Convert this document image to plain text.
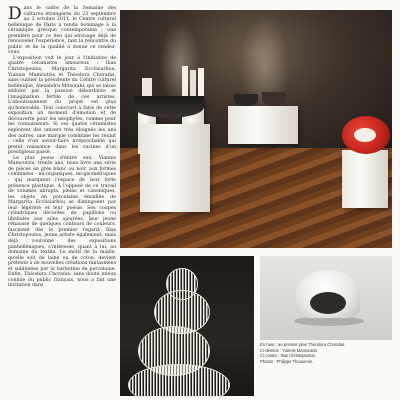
Dans le cadre de la Semaine des cultures étrangères du 23 septembre au 2 octobre 2011, le Centre culturel hellénique de Paris a rendu hommage à la céramique grecque contemporaine ; une première pour ce lieu qui envisage déjà de renouveler l'expérience, tant la rencontre du public et de la qualité a donné ce rendez-vous.

L'exposition voit le jour à l'initiative de quatre céramistes amoureux : Ilias Christopoulos, Margarita Ecclisiarhou, Yiannis Mamoutzis et Théodora Chorafas, sans oublier la présidente du Centre culturel hellénique, Alexandra Mitsotaki, qui se laisse séduire par la passion débordante et l'imagination fertile de ces artistes. L'aboutissement du projet est plus qu'honorable. Tout concourt à faire de cette exposition un moment d'émotion et de découverte pour les néophytes, comme pour les connaisseurs. Si ces quatre céramistes explorent des univers très éloignés les uns des autres, une marque commune les réunit : celle d'un savoir-faire irréprochable qui prend naissance dans les racines d'un prestigieux passé.

Le plus jeune d'entre eux, Yiannis Mamoutzis, trente ans, nous livre une série de pièces en grès blanc ou noir, aux formes combinées - mi-organiques, mi-géométriques - qui marquent l'espace de leur forte présence plastique. À l'opposé de ce travail de volumes abrupts, pleins et canoniques, les objets en porcelaine émaillée de Margarita Ecclisiarhou se distinguent par leur légèreté et leur poésie. Ses coupes cylindriques décorées de papillons ou libellules aux ailes ajourées, leur jeune réhaussé de quelques contours de couleurs, fascinent dès le premier regard. Ilias Christopoulos, jeune artiste également, mais déjà couronné des expositions panhelléniques, s'intéresse, quant à lui, au domaine du textile. Le motif de la maille, qu'elle soit de laine ou de coton, devient prétexte à de nouvelles créations fantasmées et sublimées par la barbotine de porcelaine. Enfin, Théodora Chorafas, sans doute mieux connue du public français, nous a fait une invitation dans

En haut : au premier plan Théodora Chorafas.
Ci-dessus : Yiannis Mamoutzis.
Ci-contre : Ilias Christopoulos.
Photos : Philippe Thouvenin.
